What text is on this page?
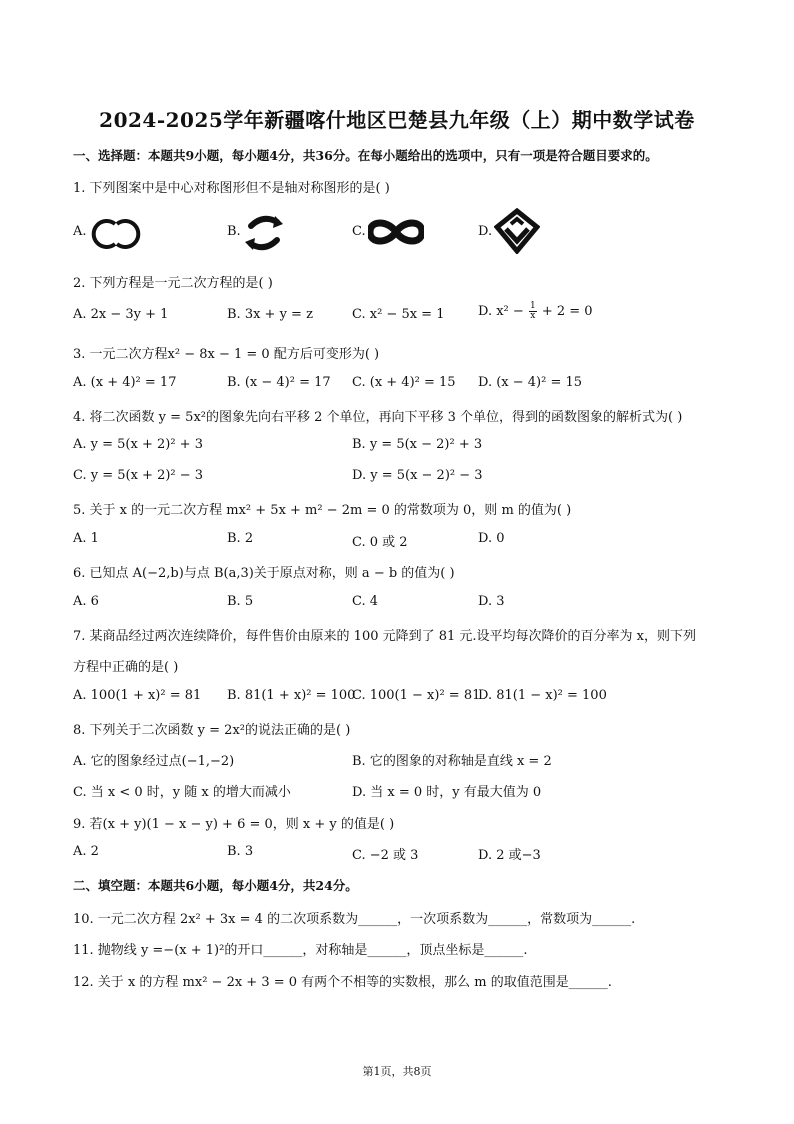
2024-2025学年新疆喀什地区巴楚县九年级（上）期中数学试卷
一、选择题：本题共9小题，每小题4分，共36分。在每小题给出的选项中，只有一项是符合题目要求的。
1. 下列图案中是中心对称图形但不是轴对称图形的是( )
A.	B.	C.	D.
2. 下列方程是一元二次方程的是( )
A. 2x − 3y + 1	B. 3x + y = z	C. x² − 5x = 1	D. $x^2 - \frac{1}{x} + 2 = 0$
3. 一元二次方程x² − 8x − 1 = 0 配方后可变形为( )
A. (x + 4)² = 17	B. (x − 4)² = 17 C. (x + 4)² = 15 D. (x − 4)² = 15
4. 将二次函数 y = 5x²的图象先向右平移 2 个单位，再向下平移 3 个单位，得到的函数图象的解析式为( )
A. y = 5(x + 2)² + 3	B. y = 5(x − 2)² + 3
C. y = 5(x + 2)² − 3	D. y = 5(x − 2)² − 3
5. 关于 x 的一元二次方程 mx² + 5x + m² − 2m = 0 的常数项为 0，则 m 的值为( )
A. 1	B. 2	C. 0 或 2	D. 0
6. 已知点 A(−2,b)与点 B(a,3)关于原点对称，则 a − b 的值为( )
A. 6	B. 5	C. 4	D. 3
7. 某商品经过两次连续降价，每件售价由原来的 100 元降到了 81 元.设平均每次降价的百分率为 x，则下列
方程中正确的是( )
A. 100(1 + x)² = 81 B. 81(1 + x)² = 100
C. 100(1 − x)² = 81
D. 81(1 − x)² = 100
8. 下列关于二次函数 y = 2x²的说法正确的是( )
A. 它的图象经过点(−1,−2)	B. 它的图象的对称轴是直线 x = 2
C. 当 x < 0 时，y 随 x 的增大而减小	D. 当 x = 0 时，y 有最大值为 0
9. 若(x + y)(1 − x − y) + 6 = 0，则 x + y 的值是( )
A. 2	B. 3	C. −2 或 3	D. 2 或−3
二、填空题：本题共6小题，每小题4分，共24分。
10. 一元二次方程 2x² + 3x = 4 的二次项系数为______，一次项系数为______，常数项为______.
11. 抛物线 y =−(x + 1)²的开口______，对称轴是______，顶点坐标是______.
12. 关于 x 的方程 mx² − 2x + 3 = 0 有两个不相等的实数根，那么 m 的取值范围是______.
第1页，共8页
